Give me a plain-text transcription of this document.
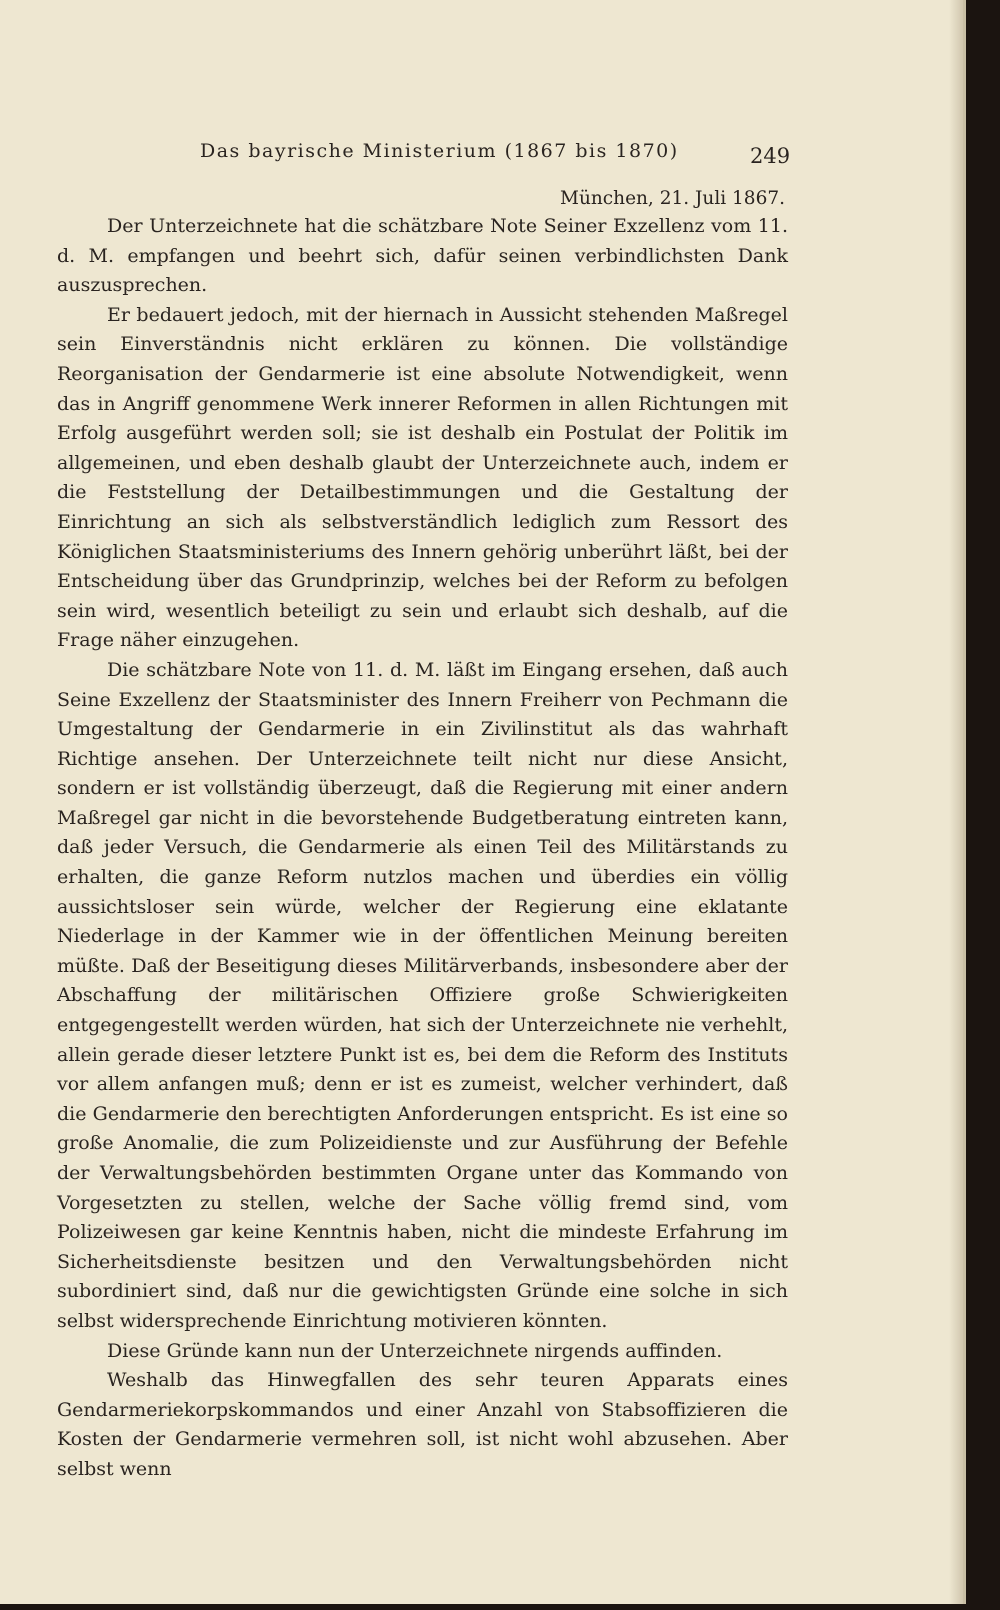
Das bayrische Ministerium (1867 bis 1870)	249
München, 21. Juli 1867.

Der Unterzeichnete hat die schätzbare Note Seiner Exzellenz vom 11. d. M. empfangen und beehrt sich, dafür seinen verbindlichsten Dank auszusprechen.

Er bedauert jedoch, mit der hiernach in Aussicht stehenden Maßregel sein Einverständnis nicht erklären zu können. Die vollständige Reorganisation der Gendarmerie ist eine absolute Notwendigkeit, wenn das in Angriff genommene Werk innerer Reformen in allen Richtungen mit Erfolg ausgeführt werden soll; sie ist deshalb ein Postulat der Politik im allgemeinen, und eben deshalb glaubt der Unterzeichnete auch, indem er die Feststellung der Detailbestimmungen und die Gestaltung der Einrichtung an sich als selbstverständlich lediglich zum Ressort des Königlichen Staatsministeriums des Innern gehörig unberührt läßt, bei der Entscheidung über das Grundprinzip, welches bei der Reform zu befolgen sein wird, wesentlich beteiligt zu sein und erlaubt sich deshalb, auf die Frage näher einzugehen.

Die schätzbare Note von 11. d. M. läßt im Eingang ersehen, daß auch Seine Exzellenz der Staatsminister des Innern Freiherr von Pechmann die Umgestaltung der Gendarmerie in ein Zivilinstitut als das wahrhaft Richtige ansehen. Der Unterzeichnete teilt nicht nur diese Ansicht, sondern er ist vollständig überzeugt, daß die Regierung mit einer andern Maßregel gar nicht in die bevorstehende Budgetberatung eintreten kann, daß jeder Versuch, die Gendarmerie als einen Teil des Militärstands zu erhalten, die ganze Reform nutzlos machen und überdies ein völlig aussichtsloser sein würde, welcher der Regierung eine eklatante Niederlage in der Kammer wie in der öffentlichen Meinung bereiten müßte. Daß der Beseitigung dieses Militärverbands, insbesondere aber der Abschaffung der militärischen Offiziere große Schwierigkeiten entgegengestellt werden würden, hat sich der Unterzeichnete nie verhehlt, allein gerade dieser letztere Punkt ist es, bei dem die Reform des Instituts vor allem anfangen muß; denn er ist es zumeist, welcher verhindert, daß die Gendarmerie den berechtigten Anforderungen entspricht. Es ist eine so große Anomalie, die zum Polizeidienste und zur Ausführung der Befehle der Verwaltungsbehörden bestimmten Organe unter das Kommando von Vorgesetzten zu stellen, welche der Sache völlig fremd sind, vom Polizeiwesen gar keine Kenntnis haben, nicht die mindeste Erfahrung im Sicherheitsdienste besitzen und den Verwaltungsbehörden nicht subordiniert sind, daß nur die gewichtigsten Gründe eine solche in sich selbst widersprechende Einrichtung motivieren könnten.

Diese Gründe kann nun der Unterzeichnete nirgends auffinden.

Weshalb das Hinwegfallen des sehr teuren Apparats eines Gendarmeriekorpskommandos und einer Anzahl von Stabsoffizieren die Kosten der Gendarmerie vermehren soll, ist nicht wohl abzusehen. Aber selbst wenn
